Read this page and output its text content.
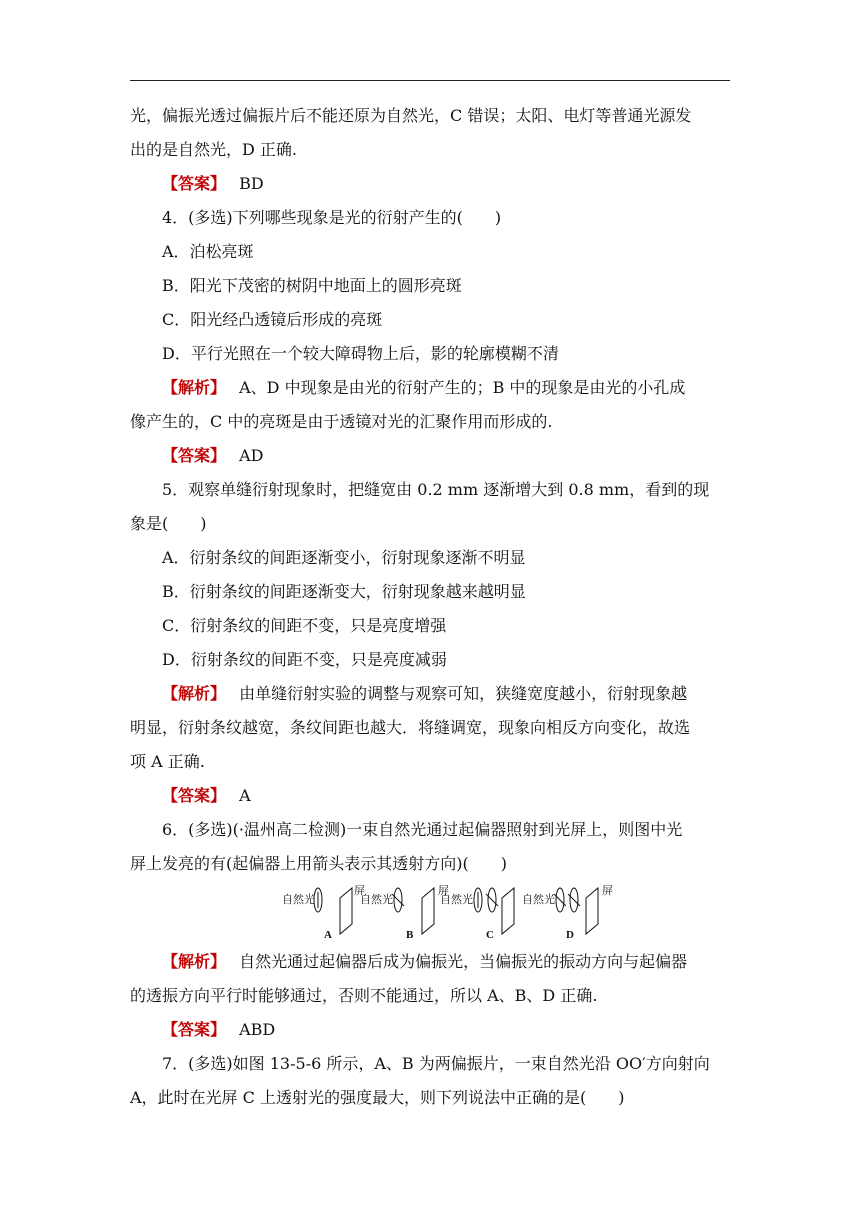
光，偏振光透过偏振片后不能还原为自然光，C 错误；太阳、电灯等普通光源发
出的是自然光，D 正确.
【答案】　 BD
4．(多选)下列哪些现象是光的衍射产生的(　　)
A．泊松亮斑
B．阳光下茂密的树阴中地面上的圆形亮斑
C．阳光经凸透镜后形成的亮斑
D．平行光照在一个较大障碍物上后，影的轮廓模糊不清
【解析】　 A、D 中现象是由光的衍射产生的；B 中的现象是由光的小孔成
像产生的，C 中的亮斑是由于透镜对光的汇聚作用而形成的.
【答案】　 AD
5．观察单缝衍射现象时，把缝宽由 0.2 mm 逐渐增大到 0.8 mm，看到的现
象是(　　)
A．衍射条纹的间距逐渐变小，衍射现象逐渐不明显
B．衍射条纹的间距逐渐变大，衍射现象越来越明显
C．衍射条纹的间距不变，只是亮度增强
D．衍射条纹的间距不变，只是亮度减弱
【解析】　 由单缝衍射实验的调整与观察可知，狭缝宽度越小，衍射现象越
明显，衍射条纹越宽，条纹间距也越大．将缝调宽，现象向相反方向变化，故选
项 A 正确.
【答案】　 A
6．(多选)(·温州高二检测)一束自然光通过起偏器照射到光屏上，则图中光
屏上发亮的有(起偏器上用箭头表示其透射方向)(　　)
自然光
屏
A
自然光
屏
B
自然光
C
自然光
屏
D
【解析】　 自然光通过起偏器后成为偏振光，当偏振光的振动方向与起偏器
的透振方向平行时能够通过，否则不能通过，所以 A、B、D 正确.
【答案】　 ABD
7．(多选)如图 13-5-6 所示，A、B 为两偏振片，一束自然光沿 OO′方向射向
A，此时在光屏 C 上透射光的强度最大，则下列说法中正确的是(　　)
